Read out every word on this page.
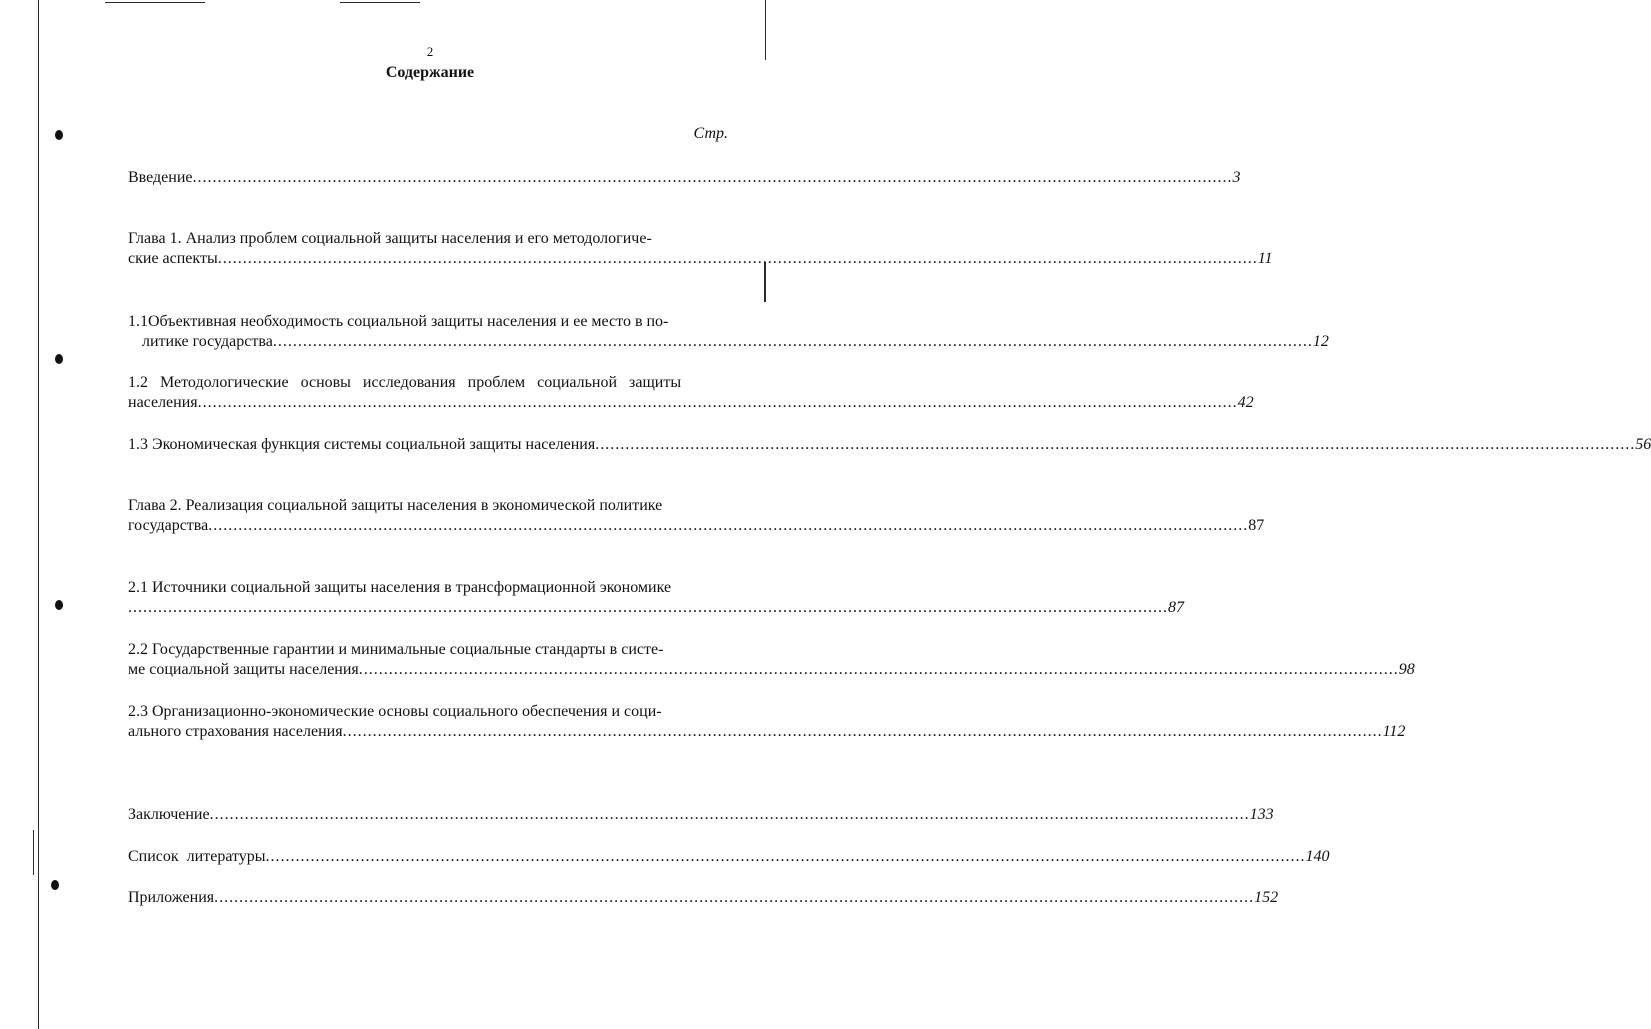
2
Содержание
Стр.
Введение ................................................................................................................................................................................................................ 3
Глава 1. Анализ проблем социальной защиты населения и его методологиче-
ские аспекты ................................................................................................................................................................................................................ 11
1.1Объективная необходимость социальной защиты населения и ее место в по-
литике государства ................................................................................................................................................................................................................ 12
1.2 Методологические основы исследования проблем социальной защиты
населения ................................................................................................................................................................................................................ 42
1.3 Экономическая функция системы социальной защиты населения ................................................................................................................................................................................................................ 56
Глава 2. Реализация социальной защиты населения в экономической политике
государства ................................................................................................................................................................................................................ 87
2.1 Источники социальной защиты населения в трансформационной экономике
................................................................................................................................................................................................................ 87
2.2 Государственные гарантии и минимальные социальные стандарты в систе-
ме социальной защиты населения ................................................................................................................................................................................................................ 98
2.3 Организационно-экономические основы социального обеспечения и соци-
ального страхования населения ................................................................................................................................................................................................................ 112
Заключение ................................................................................................................................................................................................................ 133
Список  литературы ................................................................................................................................................................................................................ 140
Приложения ................................................................................................................................................................................................................ 152
